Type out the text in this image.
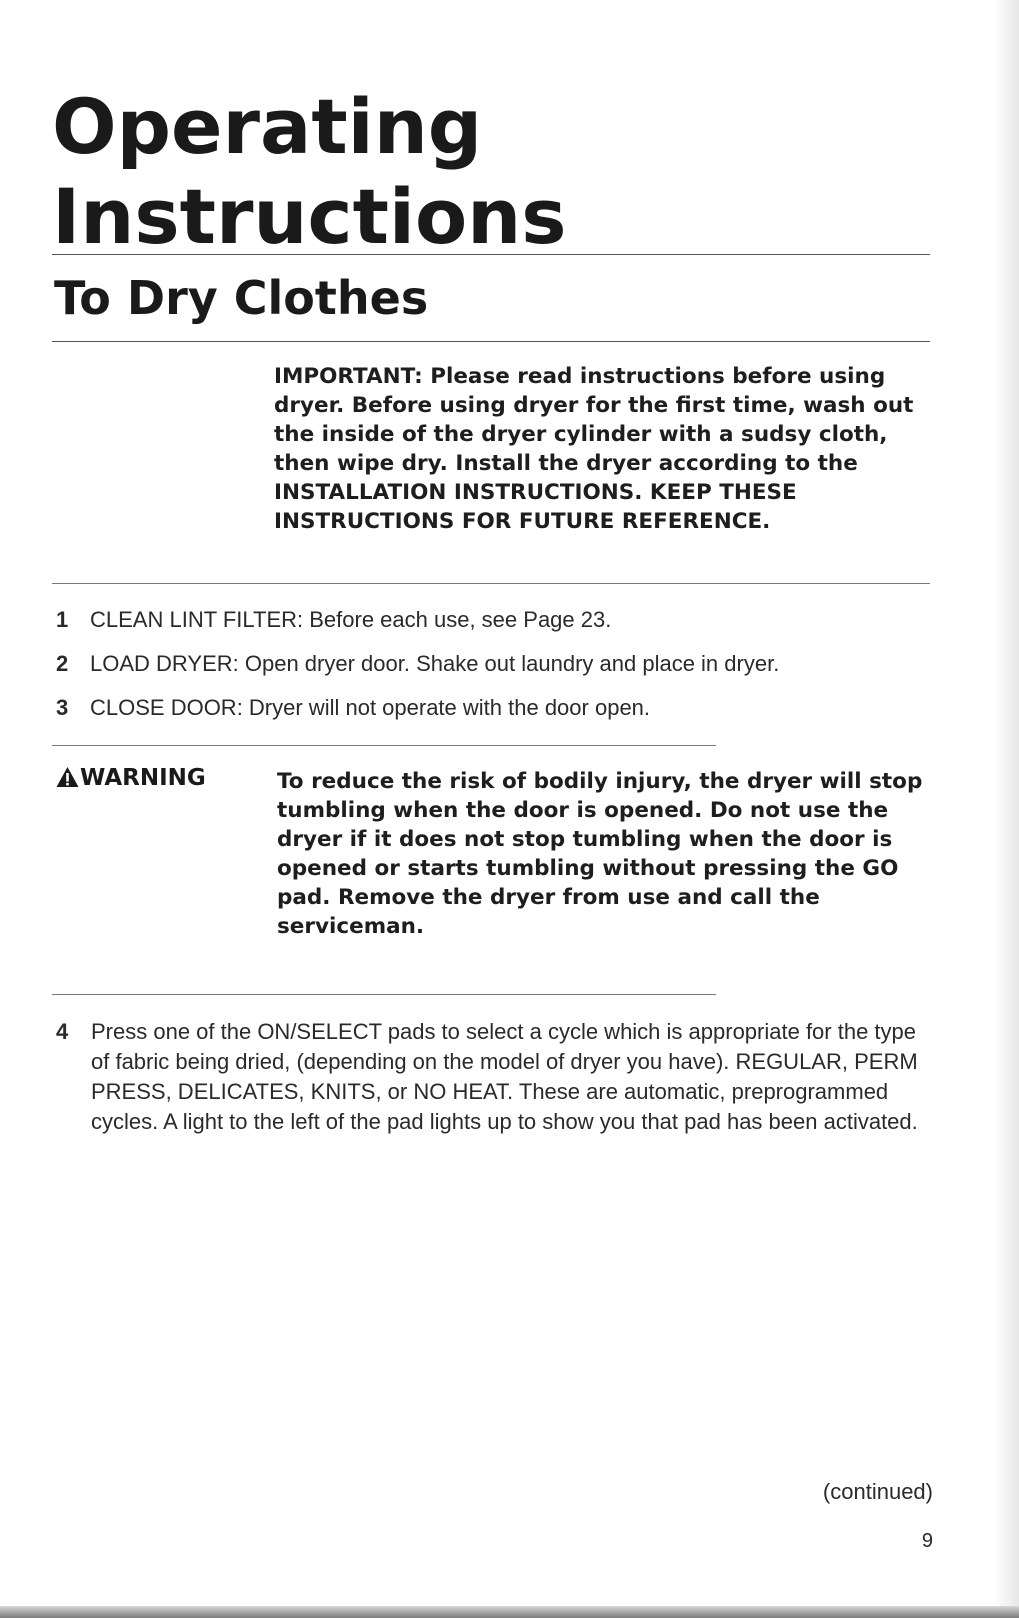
Operating
Instructions
To Dry Clothes

IMPORTANT: Please read instructions before using dryer. Before using dryer for the first time, wash out the inside of the dryer cylinder with a sudsy cloth, then wipe dry. Install the dryer according to the INSTALLATION INSTRUCTIONS. KEEP THESE INSTRUCTIONS FOR FUTURE REFERENCE.

1 CLEAN LINT FILTER: Before each use, see Page 23.
2 LOAD DRYER: Open dryer door. Shake out laundry and place in dryer.
3 CLOSE DOOR: Dryer will not operate with the door open.
WARNING	To reduce the risk of bodily injury, the dryer will stop tumbling when the door is opened. Do not use the dryer if it does not stop tumbling when the door is opened or starts tumbling without pressing the GO pad. Remove the dryer from use and call the serviceman.

4 Press one of the ON/SELECT pads to select a cycle which is appropriate for the type of fabric being dried, (depending on the model of dryer you have). REGULAR, PERM PRESS, DELICATES, KNITS, or NO HEAT. These are automatic, preprogrammed cycles. A light to the left of the pad lights up to show you that pad has been activated.

(continued)
9
